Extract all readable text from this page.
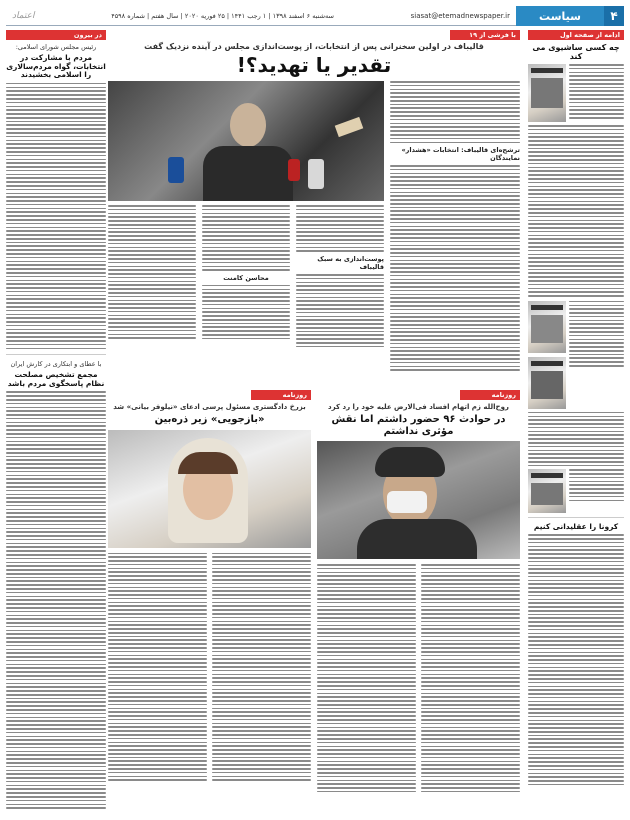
۴
سیاست
siasat@etemadnewspaper.ir
سه‌شنبه ۶ اسفند ۱۳۹۸ | ۱ رجب ۱۴۴۱ | ۲۵ فوریه ۲۰۲۰ | سال هفتم | شماره ۴۵۹۸
اعتماد
ادامه از صفحه اول
چه کسی ساشیوی می کند
کرونا را عقلیدانی کنیم
با فرشی از ۱۹
قالیباف در اولین سخنرانی پس از انتخابات، از پوست‌اندازی مجلس در آینده نزدیک گفت
تقدیر یا تهدید؟!
ترشح‌ه‌ای قالیباف: انتخابات «هشدار» نمایندگان
پوست‌اندازی به سبک قالیباف
محاسن کامنت
روزنامه
روح‌الله زم اتهام افساد فی‌الارض علیه خود را رد کرد
در حوادث ۹۶ حضور داشتم اما نقش مؤثری نداشتم
روزنامه
بزرخ دادگستری مسئول پرسی ادعای «نیلوفر بیانی» شد
«بازجویی» زیر ذره‌بین
در بیرون
رئیس مجلس شورای اسلامی:
مردم با مشارکت در انتخابات، گواه مردم‌سالاری را اسلامی بخشیدند
با عطای و ابتکاری در کارش ایران
مجمع تشخیص مصلحت نظام پاسخگوی مردم باشد
